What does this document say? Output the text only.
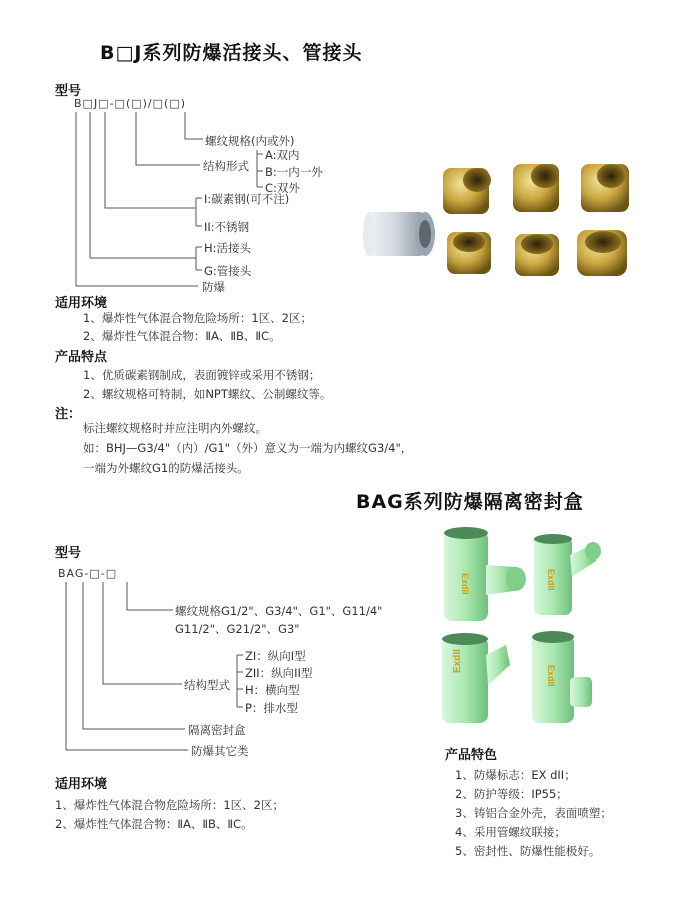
B□J系列防爆活接头、管接头
型号
B□J□-□(□)/□(□)
螺纹规格(内或外)
结构形式
A:双内
B:一内一外
C:双外
I:碳素钢(可不注)
II:不锈钢
H:活接头
G:管接头
防爆
适用环境
1、爆炸性气体混合物危险场所：1区、2区；
2、爆炸性气体混合物：ⅡA、ⅡB、ⅡC。
产品特点
1、优质碳素钢制成，表面镀锌或采用不锈钢；
2、螺纹规格可特制，如NPT螺纹、公制螺纹等。
注：
标注螺纹规格时并应注明内外螺纹。
如：BHJ—G3/4"（内）/G1"（外）意义为一端为内螺纹G3/4"，
一端为外螺纹G1的防爆活接头。
BAG系列防爆隔离密封盒
型号
BAG-□-□
螺纹规格G1/2"、G3/4"、G1"、G11/4"
G11/2"、G21/2"、G3"
结构型式
ZI：纵向I型
ZII：纵向II型
H：横向型
P：排水型
隔离密封盒
防爆其它类
适用环境
1、爆炸性气体混合物危险场所：1区、2区；
2、爆炸性气体混合物：ⅡA、ⅡB、ⅡC。
产品特色
1、防爆标志：EX dII；
2、防护等级：IP55；
3、铸铝合金外壳，表面喷塑；
4、采用管螺纹联接；
5、密封性、防爆性能极好。
ExdII	ExdII
ExdII
ExdII
